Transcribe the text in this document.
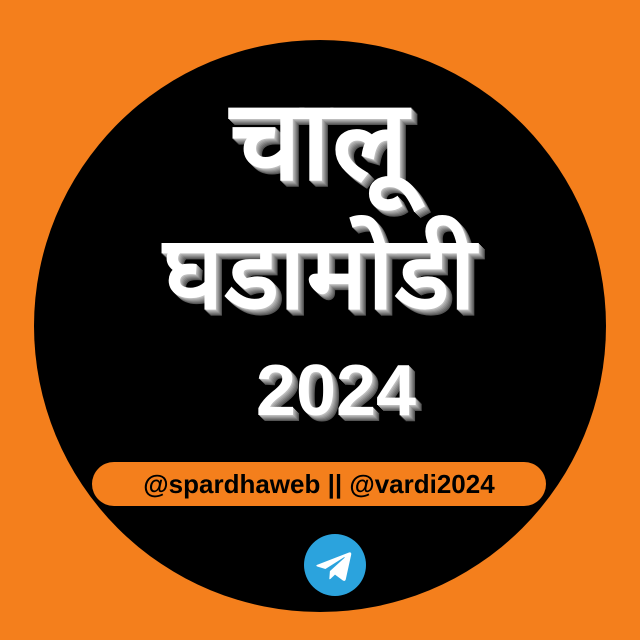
चालू
घडामोडी
2024
@spardhaweb || @vardi2024
